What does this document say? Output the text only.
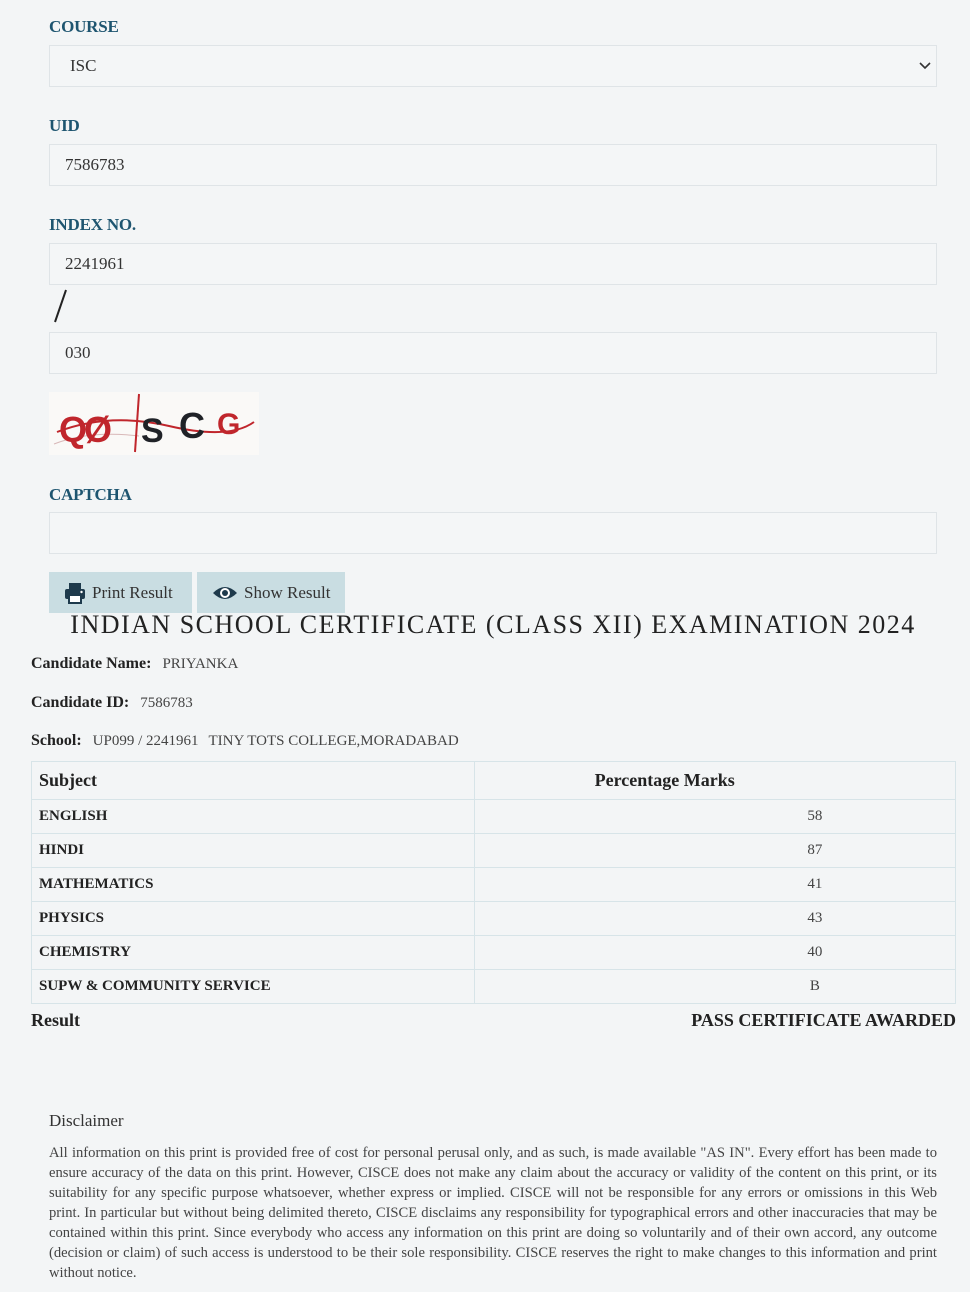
COURSE
ISC
UID
7586783
INDEX NO.
2241961
/
030
QØ S C G
CAPTCHA
Print Result	Show Result
INDIAN SCHOOL CERTIFICATE (CLASS XII) EXAMINATION 2024
Candidate Name: PRIYANKA
Candidate ID: 7586783
School: UP099 / 2241961 TINY TOTS COLLEGE,MORADABAD
Subject	Percentage Marks
ENGLISH	58
HINDI	87
MATHEMATICS	41
PHYSICS	43
CHEMISTRY	40
SUPW & COMMUNITY SERVICE	B
Result	PASS CERTIFICATE AWARDED
Disclaimer

All information on this print is provided free of cost for personal perusal only, and as such, is made available "AS IN". Every effort has been made to ensure accuracy of the data on this print. However, CISCE does not make any claim about the accuracy or validity of the content on this print, or its suitability for any specific purpose whatsoever, whether express or implied. CISCE will not be responsible for any errors or omissions in this Web print. In particular but without being delimited thereto, CISCE disclaims any responsibility for typographical errors and other inaccuracies that may be contained within this print. Since everybody who access any information on this print are doing so voluntarily and of their own accord, any outcome (decision or claim) of such access is understood to be their sole responsibility. CISCE reserves the right to make changes to this information and print without notice.
